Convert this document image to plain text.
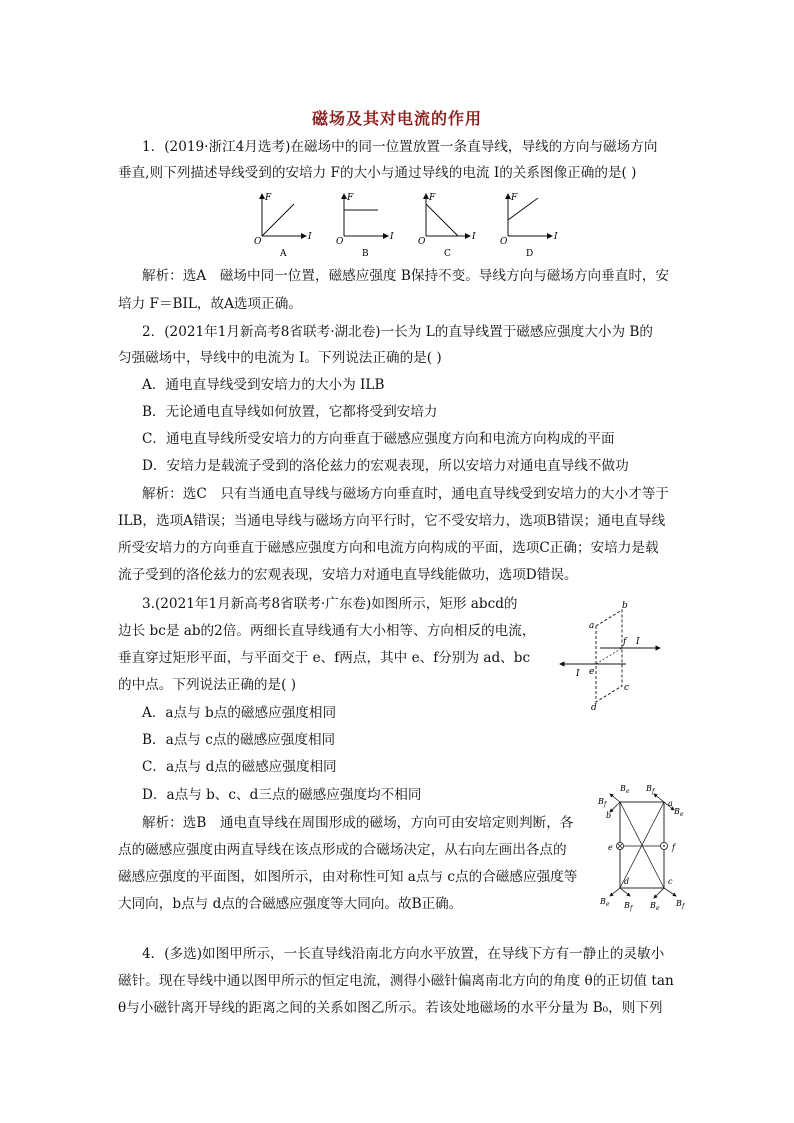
磁场及其对电流的作用
1．(2019·浙江4月选考)在磁场中的同一位置放置一条直导线，导线的方向与磁场方向
垂直,则下列描述导线受到的安培力 F的大小与通过导线的电流 I的关系图像正确的是( )
F
I
O
A
F
I
O
B
F
I
O
C
F
I
O
D
解析：选A　磁场中同一位置，磁感应强度 B保持不变。导线方向与磁场方向垂直时，安
培力 F＝BIL，故A选项正确。
2．(2021年1月新高考8省联考·湖北卷)一长为 L的直导线置于磁感应强度大小为 B的
匀强磁场中，导线中的电流为 I。下列说法正确的是( )
A．通电直导线受到安培力的大小为 ILB
B．无论通电直导线如何放置，它都将受到安培力
C．通电直导线所受安培力的方向垂直于磁感应强度方向和电流方向构成的平面
D．安培力是载流子受到的洛伦兹力的宏观表现，所以安培力对通电直导线不做功
解析：选C　只有当通电直导线与磁场方向垂直时，通电直导线受到安培力的大小才等于
ILB，选项A错误；当通电导线与磁场方向平行时，它不受安培力，选项B错误；通电直导线
所受安培力的方向垂直于磁感应强度方向和电流方向构成的平面，选项C正确；安培力是载
流子受到的洛伦兹力的宏观表现，安培力对通电直导线能做功，选项D错误。
3.(2021年1月新高考8省联考·广东卷)如图所示，矩形 abcd的
边长 bc是 ab的2倍。两细长直导线通有大小相等、方向相反的电流，
垂直穿过矩形平面，与平面交于 e、f两点，其中 e、f分别为 ad、bc
的中点。下列说法正确的是( )
A．a点与 b点的磁感应强度相同
B．a点与 c点的磁感应强度相同
C．a点与 d点的磁感应强度相同
D．a点与 b、c、d三点的磁感应强度均不相同
解析：选B　通电直导线在周围形成的磁场，方向可由安培定则判断，各
点的磁感应强度由两直导线在该点形成的合磁场决定，从右向左画出各点的
磁感应强度的平面图，如图所示，由对称性可知 a点与 c点的合磁感应强度等
大同向，b点与 d点的合磁感应强度等大同向。故B正确。
b
a
f I
e
I
c
d
B e B f
B f
b
a
B e
e	f
d	c
B e B f B e
B f
4．(多选)如图甲所示，一长直导线沿南北方向水平放置，在导线下方有一静止的灵敏小
磁针。现在导线中通以图甲所示的恒定电流，测得小磁针偏离南北方向的角度 θ的正切值 tan
θ与小磁针离开导线的距离之间的关系如图乙所示。若该处地磁场的水平分量为 B₀，则下列
